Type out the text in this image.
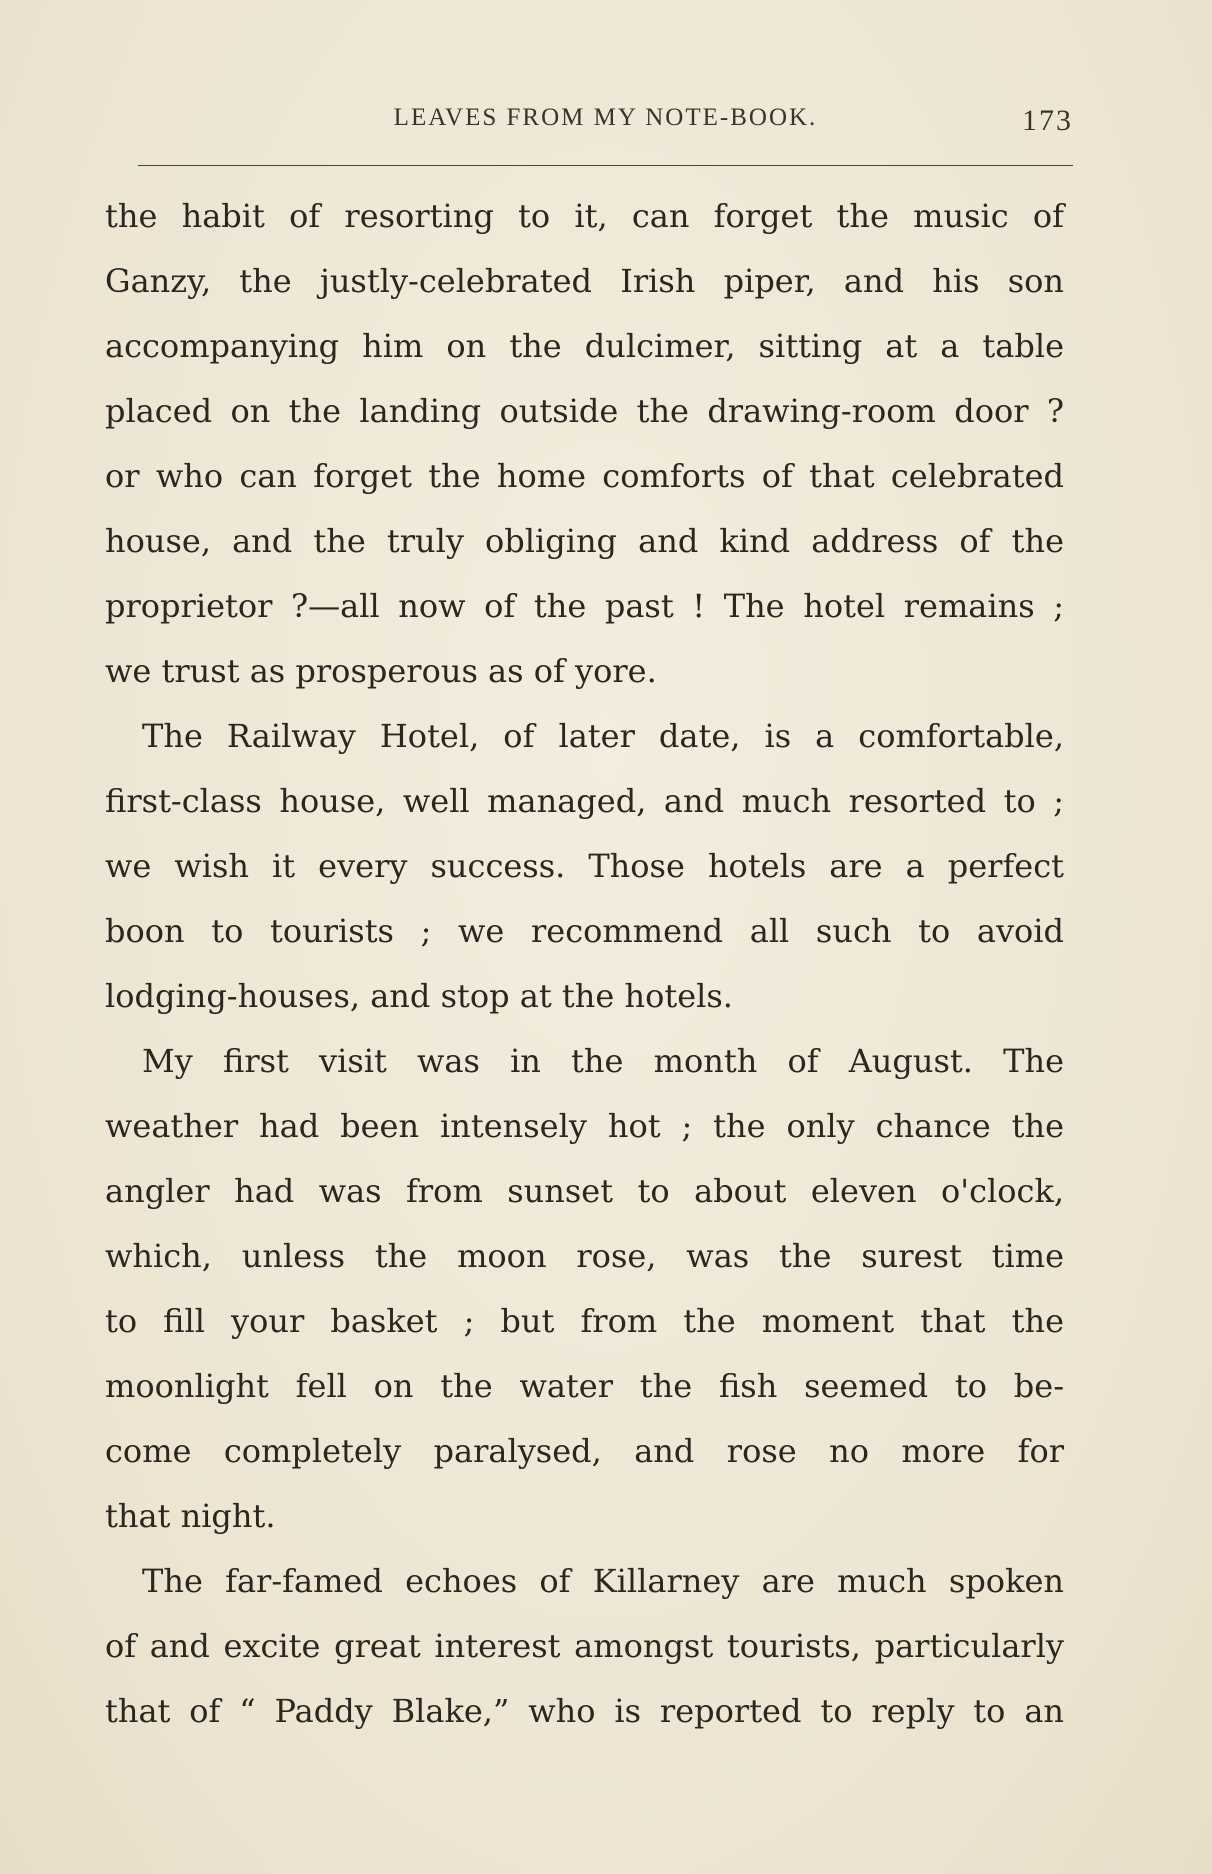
LEAVES FROM MY NOTE-BOOK.	173
the habit of resorting to it, can forget the music of
Ganzy, the justly-celebrated Irish piper, and his son
accompanying him on the dulcimer, sitting at a table
placed on the landing outside the drawing-room door ?
or who can forget the home comforts of that celebrated
house, and the truly obliging and kind address of the
proprietor ?—all now of the past ! The hotel remains ;
we trust as prosperous as of yore.
The Railway Hotel, of later date, is a comfortable,
first-class house, well managed, and much resorted to ;
we wish it every success. Those hotels are a perfect
boon to tourists ; we recommend all such to avoid
lodging-houses, and stop at the hotels.
My first visit was in the month of August. The
weather had been intensely hot ; the only chance the
angler had was from sunset to about eleven o'clock,
which, unless the moon rose, was the surest time
to fill your basket ; but from the moment that the
moonlight fell on the water the fish seemed to be-
come completely paralysed, and rose no more for
that night.
The far-famed echoes of Killarney are much spoken
of and excite great interest amongst tourists, particularly
that of “ Paddy Blake,” who is reported to reply to an
